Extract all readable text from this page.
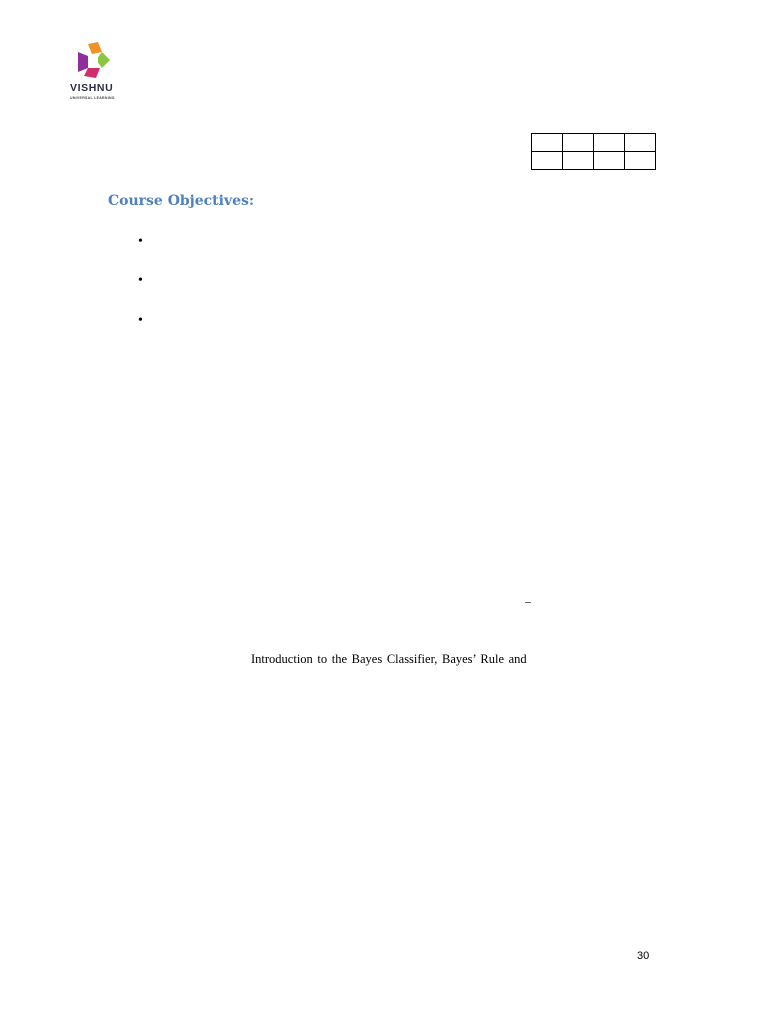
VISHNU
UNIVERSAL LEARNING

Course Objectives:
•
•
•
–
Introduction to the Bayes Classifier, Bayes’ Rule and
30
